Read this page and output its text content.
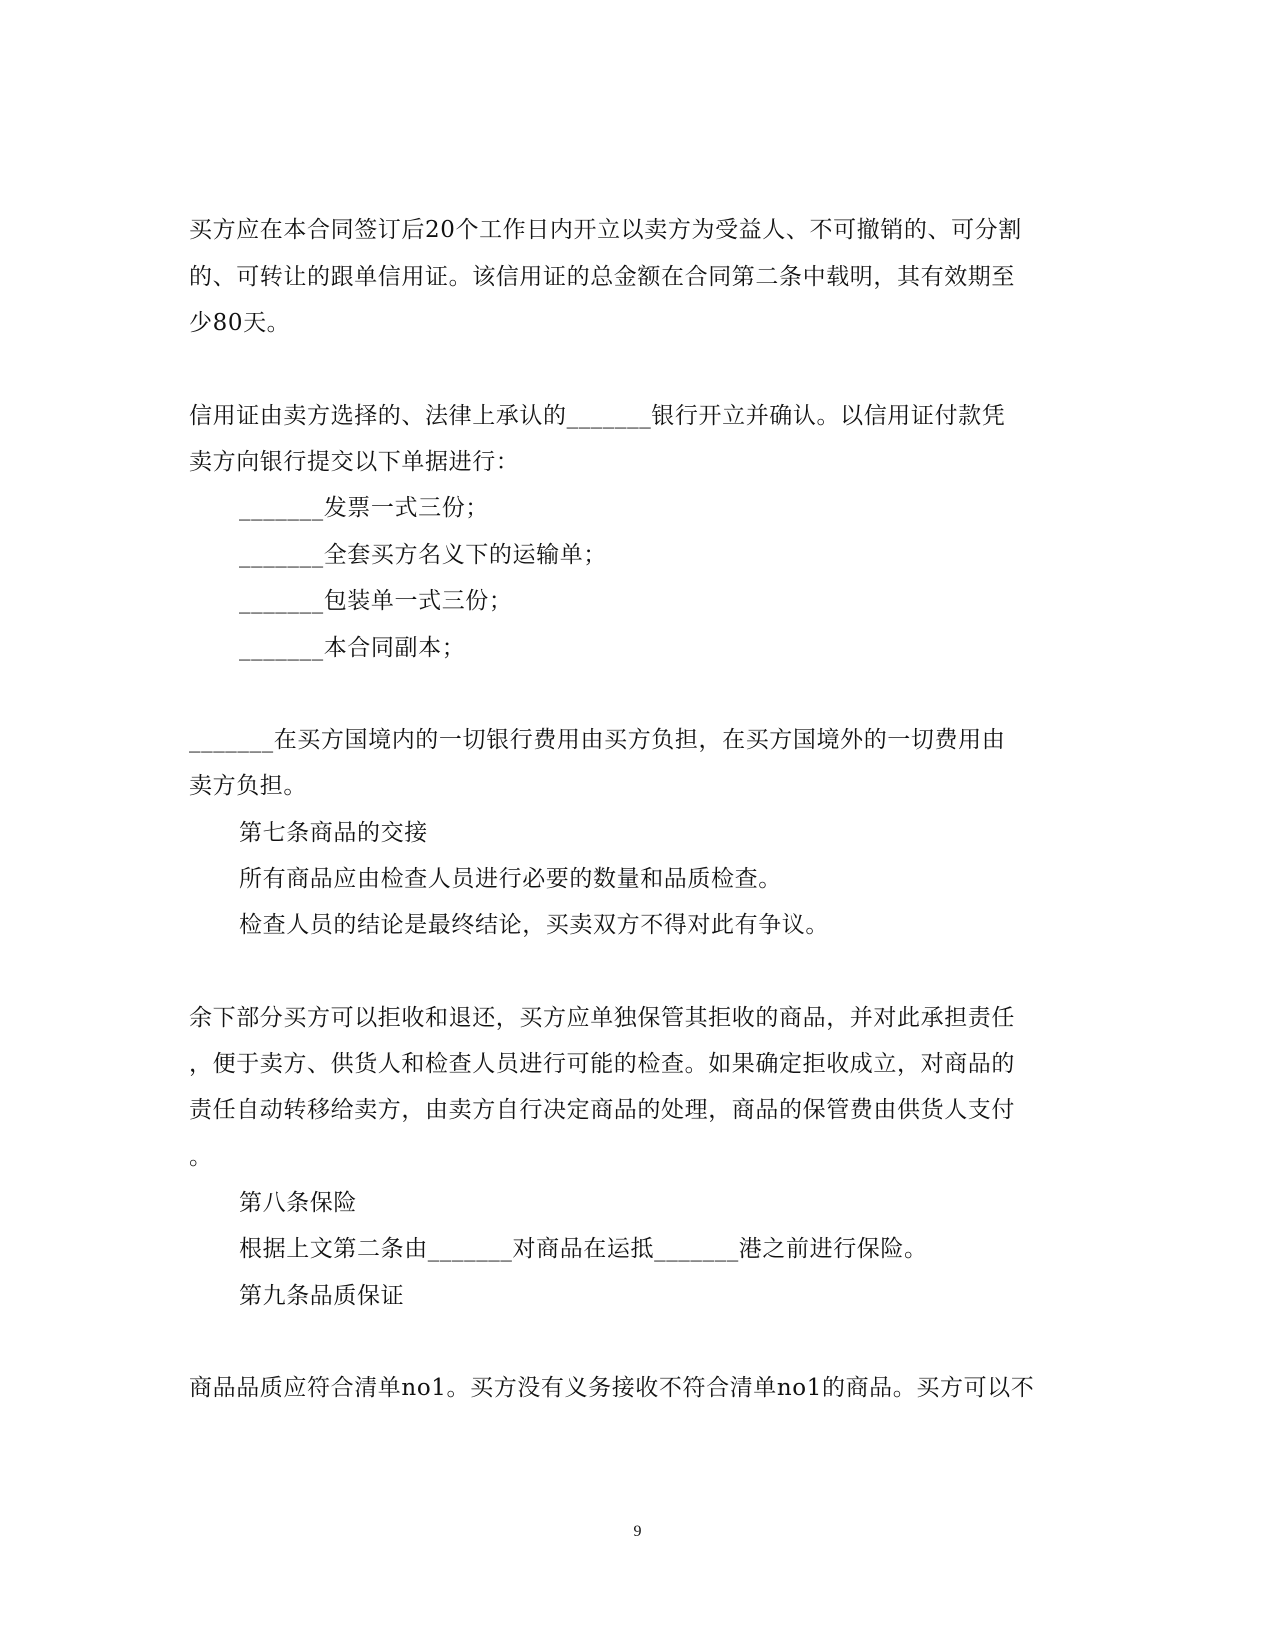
买方应在本合同签订后20个工作日内开立以卖方为受益人、不可撤销的、可分割
的、可转让的跟单信用证。该信用证的总金额在合同第二条中载明，其有效期至
少80天。
信用证由卖方选择的、法律上承认的_______银行开立并确认。以信用证付款凭
卖方向银行提交以下单据进行：
_______发票一式三份；
_______全套买方名义下的运输单；
_______包装单一式三份；
_______本合同副本；
_______在买方国境内的一切银行费用由买方负担，在买方国境外的一切费用由
卖方负担。
第七条商品的交接
所有商品应由检查人员进行必要的数量和品质检查。
检查人员的结论是最终结论，买卖双方不得对此有争议。
余下部分买方可以拒收和退还，买方应单独保管其拒收的商品，并对此承担责任
，便于卖方、供货人和检查人员进行可能的检查。如果确定拒收成立，对商品的
责任自动转移给卖方，由卖方自行决定商品的处理，商品的保管费由供货人支付
。
第八条保险
根据上文第二条由_______对商品在运抵_______港之前进行保险。
第九条品质保证
商品品质应符合清单no1。买方没有义务接收不符合清单no1的商品。买方可以不
9
